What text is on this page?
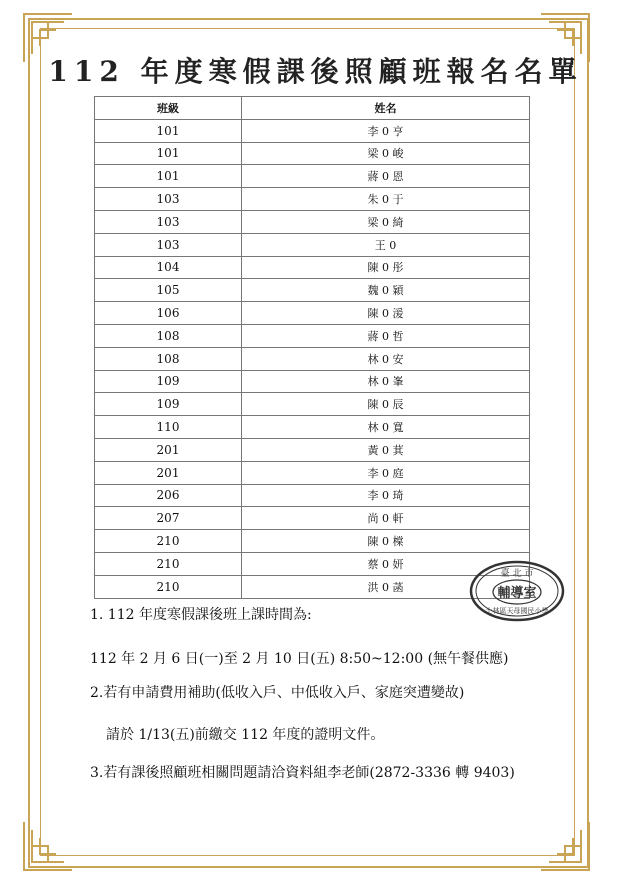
112 年度寒假課後照顧班報名名單
班級	姓名
101	李 0 亨
101	梁 0 峻
101	蔣 0 恩
103	朱 0 于
103	梁 0 綺
103	王 0
104	陳 0 彤
105	魏 0 穎
106	陳 0 湲
108	蔣 0 哲
108	林 0 安
109	林 0 峯
109	陳 0 辰
110	林 0 寬
201	黃 0 萁
201	李 0 庭
206	李 0 琦
207	尚 0 軒
210	陳 0 橖
210	蔡 0 妍
210	洪 0 菡

1. 112 年度寒假課後班上課時間為:

112 年 2 月 6 日(一)至 2 月 10 日(五) 8:50~12:00 (無午餐供應)

2.若有申請費用補助(低收入戶、中低收入戶、家庭突遭變故)

請於 1/13(五)前繳交 112 年度的證明文件。

3.若有課後照顧班相關問題請洽資料組李老師(2872-3336 轉 9403)

臺 北 市
輔導室
士林區天母國民小學
